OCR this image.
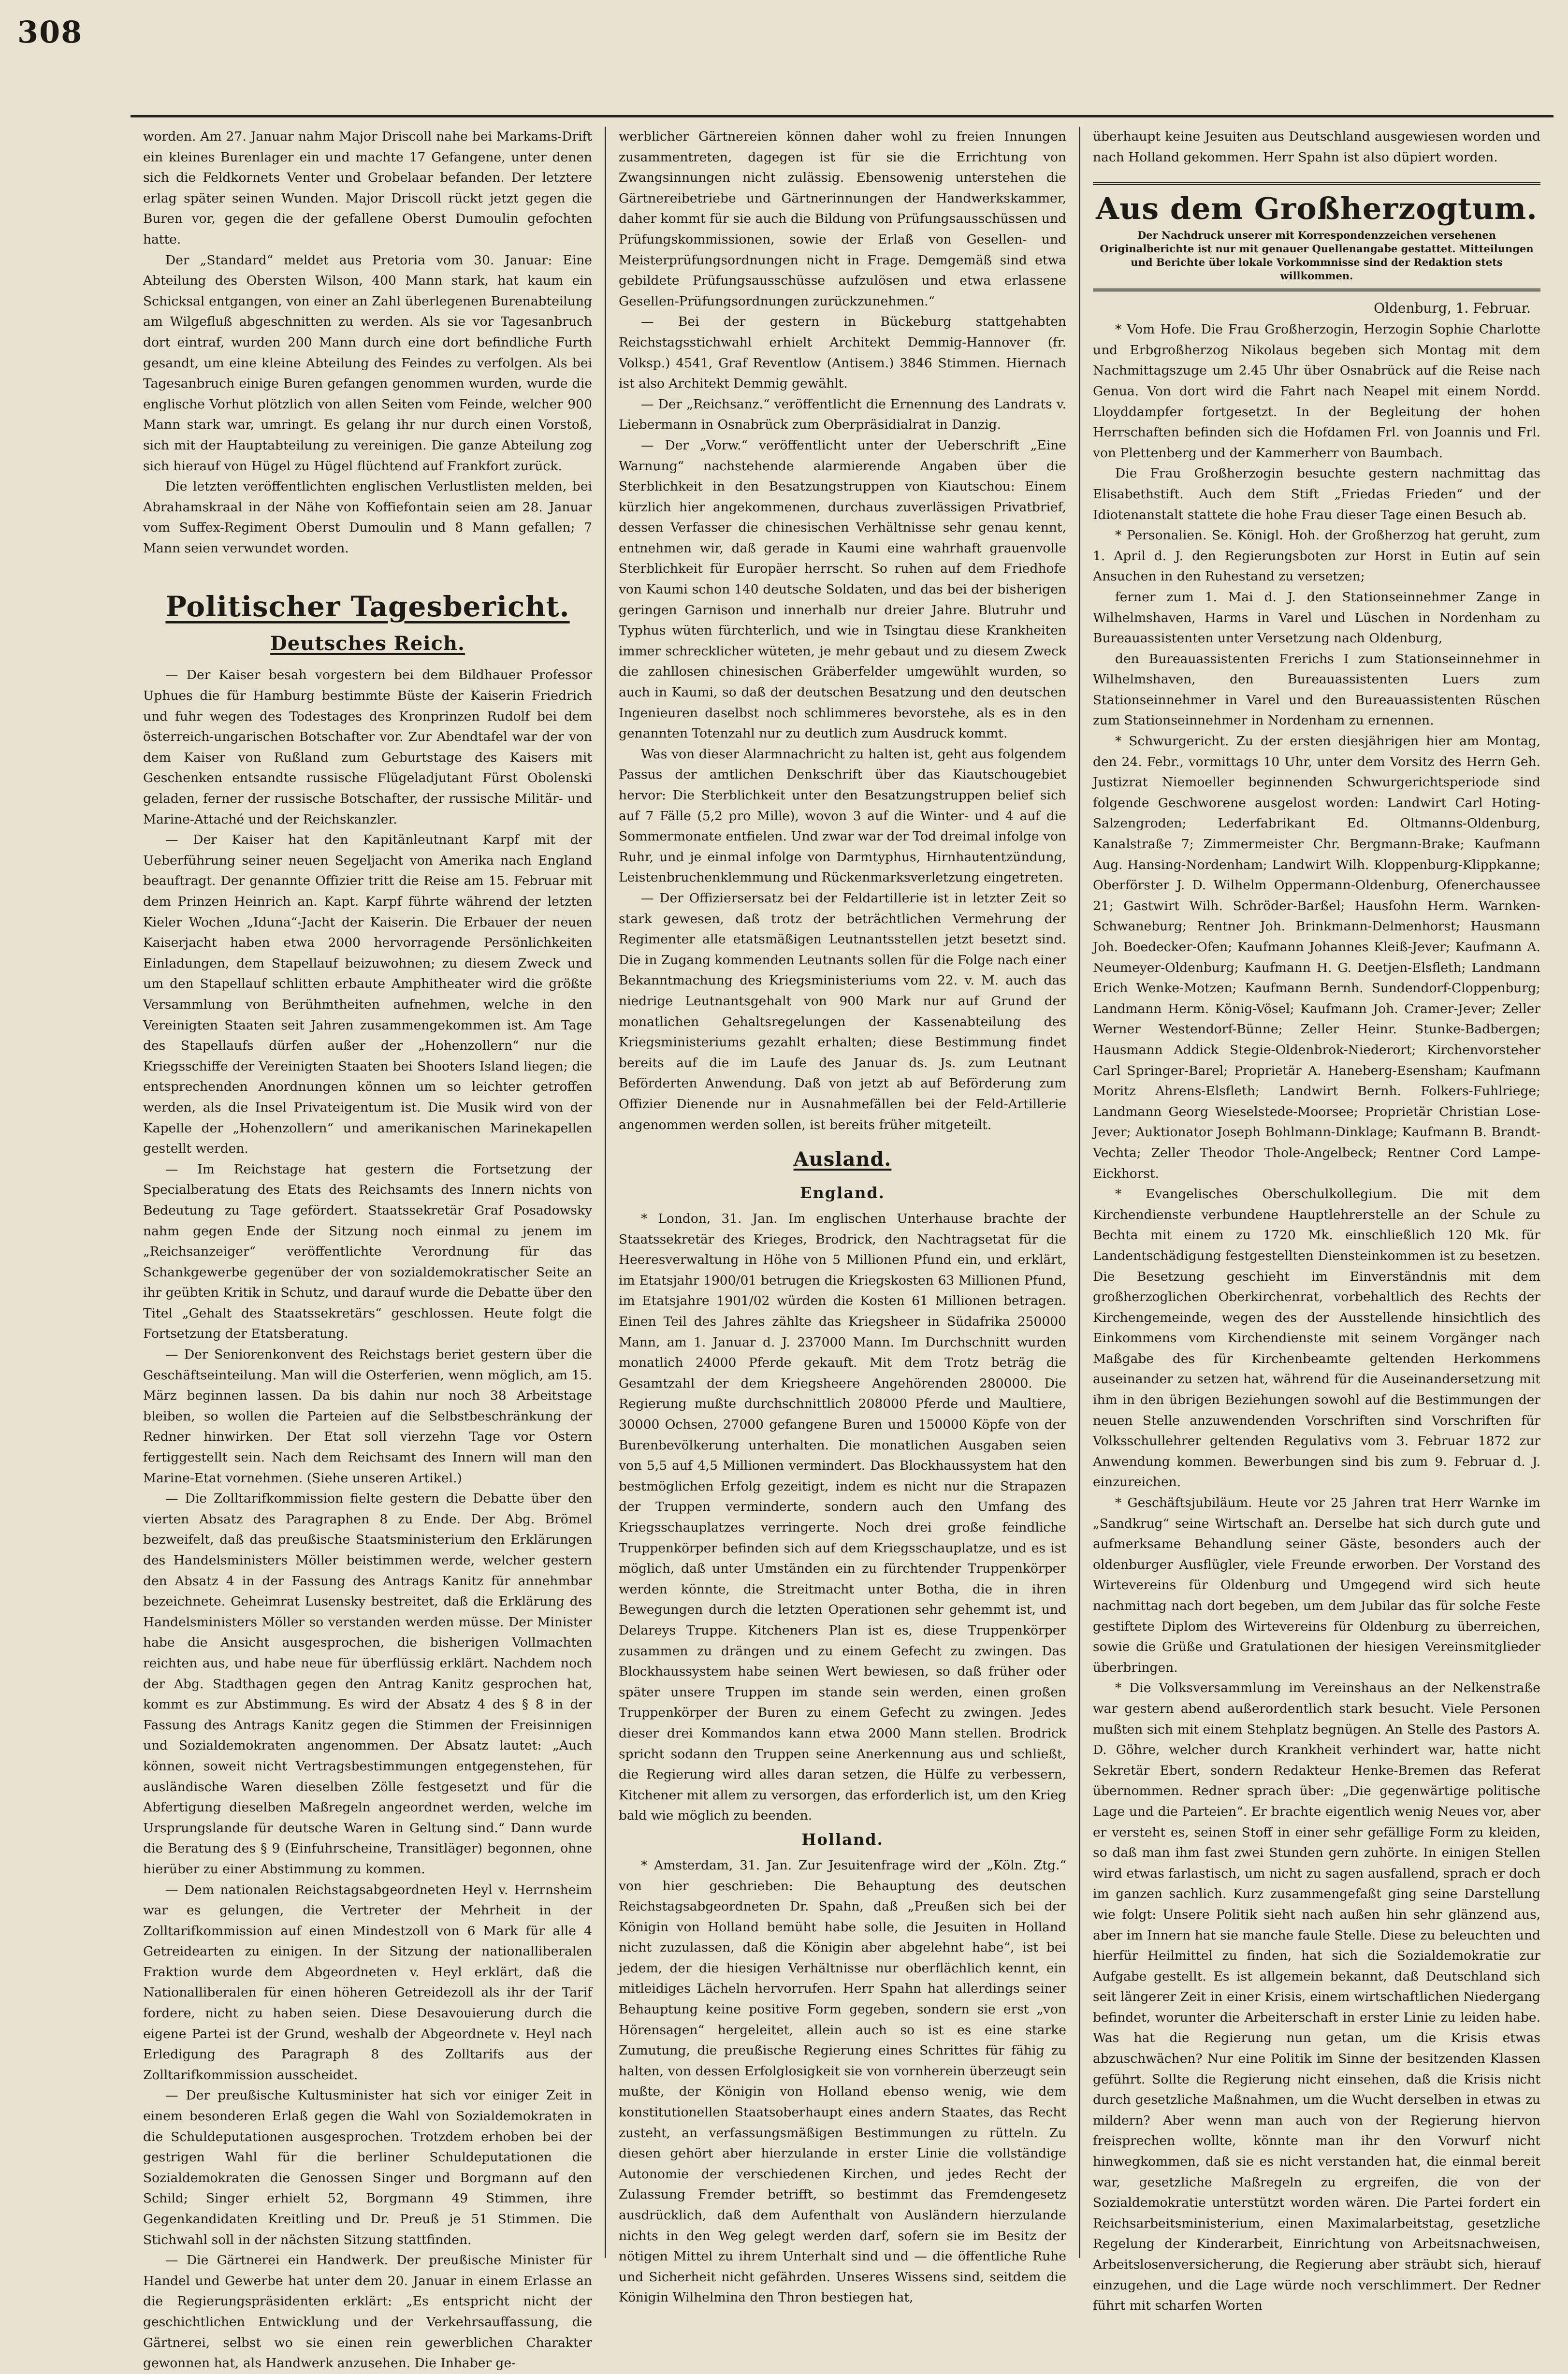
308

worden. Am 27. Januar nahm Major Driscoll nahe bei Markams-Drift ein kleines Burenlager ein und machte 17 Gefangene, unter denen sich die Feldkornets Venter und Grobelaar befanden. Der letztere erlag später seinen Wunden. Major Driscoll rückt jetzt gegen die Buren vor, gegen die der gefallene Oberst Dumoulin gefochten hatte.

Der „Standard“ meldet aus Pretoria vom 30. Januar: Eine Abteilung des Obersten Wilson, 400 Mann stark, hat kaum ein Schicksal entgangen, von einer an Zahl überlegenen Burenabteilung am Wilgefluß abgeschnitten zu werden. Als sie vor Tagesanbruch dort eintraf, wurden 200 Mann durch eine dort befindliche Furth gesandt, um eine kleine Abteilung des Feindes zu verfolgen. Als bei Tagesanbruch einige Buren gefangen genommen wurden, wurde die englische Vorhut plötzlich von allen Seiten vom Feinde, welcher 900 Mann stark war, umringt. Es gelang ihr nur durch einen Vorstoß, sich mit der Hauptabteilung zu vereinigen. Die ganze Abteilung zog sich hierauf von Hügel zu Hügel flüchtend auf Frankfort zurück.

Die letzten veröffentlichten englischen Verlustlisten melden, bei Abrahamskraal in der Nähe von Koffiefontain seien am 28. Januar vom Suffex-Regiment Oberst Dumoulin und 8 Mann gefallen; 7 Mann seien verwundet worden.

Politischer Tagesbericht.
Deutsches Reich.

— Der Kaiser besah vorgestern bei dem Bildhauer Professor Uphues die für Hamburg bestimmte Büste der Kaiserin Friedrich und fuhr wegen des Todestages des Kronprinzen Rudolf bei dem österreich-ungarischen Botschafter vor. Zur Abendtafel war der von dem Kaiser von Rußland zum Geburtstage des Kaisers mit Geschenken entsandte russische Flügeladjutant Fürst Obolenski geladen, ferner der russische Botschafter, der russische Militär- und Marine-Attaché und der Reichskanzler.

— Der Kaiser hat den Kapitänleutnant Karpf mit der Ueberführung seiner neuen Segeljacht von Amerika nach England beauftragt. Der genannte Offizier tritt die Reise am 15. Februar mit dem Prinzen Heinrich an. Kapt. Karpf führte während der letzten Kieler Wochen „Iduna“-Jacht der Kaiserin. Die Erbauer der neuen Kaiserjacht haben etwa 2000 hervorragende Persönlichkeiten Einladungen, dem Stapellauf beizuwohnen; zu diesem Zweck und um den Stapellauf schlitten erbaute Amphitheater wird die größte Versammlung von Berühmtheiten aufnehmen, welche in den Vereinigten Staaten seit Jahren zusammengekommen ist. Am Tage des Stapellaufs dürfen außer der „Hohenzollern“ nur die Kriegsschiffe der Vereinigten Staaten bei Shooters Island liegen; die entsprechenden Anordnungen können um so leichter getroffen werden, als die Insel Privateigentum ist. Die Musik wird von der Kapelle der „Hohenzollern“ und amerikanischen Marinekapellen gestellt werden.

— Im Reichstage hat gestern die Fortsetzung der Specialberatung des Etats des Reichsamts des Innern nichts von Bedeutung zu Tage gefördert. Staatssekretär Graf Posadowsky nahm gegen Ende der Sitzung noch einmal zu jenem im „Reichsanzeiger“ veröffentlichte Verordnung für das Schankgewerbe gegenüber der von sozialdemokratischer Seite an ihr geübten Kritik in Schutz, und darauf wurde die Debatte über den Titel „Gehalt des Staatssekretärs“ geschlossen. Heute folgt die Fortsetzung der Etatsberatung.

— Der Seniorenkonvent des Reichstags beriet gestern über die Geschäftseinteilung. Man will die Osterferien, wenn möglich, am 15. März beginnen lassen. Da bis dahin nur noch 38 Arbeitstage bleiben, so wollen die Parteien auf die Selbstbeschränkung der Redner hinwirken. Der Etat soll vierzehn Tage vor Ostern fertiggestellt sein. Nach dem Reichsamt des Innern will man den Marine-Etat vornehmen. (Siehe unseren Artikel.)

— Die Zolltarifkommission fielte gestern die Debatte über den vierten Absatz des Paragraphen 8 zu Ende. Der Abg. Brömel bezweifelt, daß das preußische Staatsministerium den Erklärungen des Handelsministers Möller beistimmen werde, welcher gestern den Absatz 4 in der Fassung des Antrags Kanitz für annehmbar bezeichnete. Geheimrat Lusensky bestreitet, daß die Erklärung des Handelsministers Möller so verstanden werden müsse. Der Minister habe die Ansicht ausgesprochen, die bisherigen Vollmachten reichten aus, und habe neue für überflüssig erklärt. Nachdem noch der Abg. Stadthagen gegen den Antrag Kanitz gesprochen hat, kommt es zur Abstimmung. Es wird der Absatz 4 des § 8 in der Fassung des Antrags Kanitz gegen die Stimmen der Freisinnigen und Sozialdemokraten angenommen. Der Absatz lautet: „Auch können, soweit nicht Vertragsbestimmungen entgegenstehen, für ausländische Waren dieselben Zölle festgesetzt und für die Abfertigung dieselben Maßregeln angeordnet werden, welche im Ursprungslande für deutsche Waren in Geltung sind.“ Dann wurde die Beratung des § 9 (Einfuhrscheine, Transitläger) begonnen, ohne hierüber zu einer Abstimmung zu kommen.

— Dem nationalen Reichstagsabgeordneten Heyl v. Herrnsheim war es gelungen, die Vertreter der Mehrheit in der Zolltarifkommission auf einen Mindestzoll von 6 Mark für alle 4 Getreidearten zu einigen. In der Sitzung der nationalliberalen Fraktion wurde dem Abgeordneten v. Heyl erklärt, daß die Nationalliberalen für einen höheren Getreidezoll als ihr der Tarif fordere, nicht zu haben seien. Diese Desavouierung durch die eigene Partei ist der Grund, weshalb der Abgeordnete v. Heyl nach Erledigung des Paragraph 8 des Zolltarifs aus der Zolltarifkommission ausscheidet.

— Der preußische Kultusminister hat sich vor einiger Zeit in einem besonderen Erlaß gegen die Wahl von Sozialdemokraten in die Schuldeputationen ausgesprochen. Trotzdem erhoben bei der gestrigen Wahl für die berliner Schuldeputationen die Sozialdemokraten die Genossen Singer und Borgmann auf den Schild; Singer erhielt 52, Borgmann 49 Stimmen, ihre Gegenkandidaten Kreitling und Dr. Preuß je 51 Stimmen. Die Stichwahl soll in der nächsten Sitzung stattfinden.

— Die Gärtnerei ein Handwerk. Der preußische Minister für Handel und Gewerbe hat unter dem 20. Januar in einem Erlasse an die Regierungspräsidenten erklärt: „Es entspricht nicht der geschichtlichen Entwicklung und der Verkehrsauffassung, die Gärtnerei, selbst wo sie einen rein gewerblichen Charakter gewonnen hat, als Handwerk anzusehen. Die Inhaber ge-

werblicher Gärtnereien können daher wohl zu freien Innungen zusammentreten, dagegen ist für sie die Errichtung von Zwangsinnungen nicht zulässig. Ebensowenig unterstehen die Gärtnereibetriebe und Gärtnerinnungen der Handwerkskammer, daher kommt für sie auch die Bildung von Prüfungsausschüssen und Prüfungskommissionen, sowie der Erlaß von Gesellen- und Meisterprüfungsordnungen nicht in Frage. Demgemäß sind etwa gebildete Prüfungsausschüsse aufzulösen und etwa erlassene Gesellen-Prüfungsordnungen zurückzunehmen.“

— Bei der gestern in Bückeburg stattgehabten Reichstagsstichwahl erhielt Architekt Demmig-Hannover (fr. Volksp.) 4541, Graf Reventlow (Antisem.) 3846 Stimmen. Hiernach ist also Architekt Demmig gewählt.

— Der „Reichsanz.“ veröffentlicht die Ernennung des Landrats v. Liebermann in Osnabrück zum Oberpräsidialrat in Danzig.

— Der „Vorw.“ veröffentlicht unter der Ueberschrift „Eine Warnung“ nachstehende alarmierende Angaben über die Sterblichkeit in den Besatzungstruppen von Kiautschou: Einem kürzlich hier angekommenen, durchaus zuverlässigen Privatbrief, dessen Verfasser die chinesischen Verhältnisse sehr genau kennt, entnehmen wir, daß gerade in Kaumi eine wahrhaft grauenvolle Sterblichkeit für Europäer herrscht. So ruhen auf dem Friedhofe von Kaumi schon 140 deutsche Soldaten, und das bei der bisherigen geringen Garnison und innerhalb nur dreier Jahre. Blutruhr und Typhus wüten fürchterlich, und wie in Tsingtau diese Krankheiten immer schrecklicher wüteten, je mehr gebaut und zu diesem Zweck die zahllosen chinesischen Gräberfelder umgewühlt wurden, so auch in Kaumi, so daß der deutschen Besatzung und den deutschen Ingenieuren daselbst noch schlimmeres bevorstehe, als es in den genannten Totenzahl nur zu deutlich zum Ausdruck kommt.

Was von dieser Alarmnachricht zu halten ist, geht aus folgendem Passus der amtlichen Denkschrift über das Kiautschougebiet hervor: Die Sterblichkeit unter den Besatzungstruppen belief sich auf 7 Fälle (5,2 pro Mille), wovon 3 auf die Winter- und 4 auf die Sommermonate entfielen. Und zwar war der Tod dreimal infolge von Ruhr, und je einmal infolge von Darmtyphus, Hirnhautentzündung, Leistenbruchenklemmung und Rückenmarksverletzung eingetreten.

— Der Offiziersersatz bei der Feldartillerie ist in letzter Zeit so stark gewesen, daß trotz der beträchtlichen Vermehrung der Regimenter alle etatsmäßigen Leutnantsstellen jetzt besetzt sind. Die in Zugang kommenden Leutnants sollen für die Folge nach einer Bekanntmachung des Kriegsministeriums vom 22. v. M. auch das niedrige Leutnantsgehalt von 900 Mark nur auf Grund der monatlichen Gehaltsregelungen der Kassenabteilung des Kriegsministeriums gezahlt erhalten; diese Bestimmung findet bereits auf die im Laufe des Januar ds. Js. zum Leutnant Beförderten Anwendung. Daß von jetzt ab auf Beförderung zum Offizier Dienende nur in Ausnahmefällen bei der Feld-Artillerie angenommen werden sollen, ist bereits früher mitgeteilt.

Ausland.
England.

* London, 31. Jan. Im englischen Unterhause brachte der Staatssekretär des Krieges, Brodrick, den Nachtragsetat für die Heeresverwaltung in Höhe von 5 Millionen Pfund ein, und erklärt, im Etatsjahr 1900/01 betrugen die Kriegskosten 63 Millionen Pfund, im Etatsjahre 1901/02 würden die Kosten 61 Millionen betragen. Einen Teil des Jahres zählte das Kriegsheer in Südafrika 250000 Mann, am 1. Januar d. J. 237000 Mann. Im Durchschnitt wurden monatlich 24000 Pferde gekauft. Mit dem Trotz beträg die Gesamtzahl der dem Kriegsheere Angehörenden 280000. Die Regierung mußte durchschnittlich 208000 Pferde und Maultiere, 30000 Ochsen, 27000 gefangene Buren und 150000 Köpfe von der Burenbevölkerung unterhalten. Die monatlichen Ausgaben seien von 5,5 auf 4,5 Millionen vermindert. Das Blockhaussystem hat den bestmöglichen Erfolg gezeitigt, indem es nicht nur die Strapazen der Truppen verminderte, sondern auch den Umfang des Kriegsschauplatzes verringerte. Noch drei große feindliche Truppenkörper befinden sich auf dem Kriegsschauplatze, und es ist möglich, daß unter Umständen ein zu fürchtender Truppenkörper werden könnte, die Streitmacht unter Botha, die in ihren Bewegungen durch die letzten Operationen sehr gehemmt ist, und Delareys Truppe. Kitcheners Plan ist es, diese Truppenkörper zusammen zu drängen und zu einem Gefecht zu zwingen. Das Blockhaussystem habe seinen Wert bewiesen, so daß früher oder später unsere Truppen im stande sein werden, einen großen Truppenkörper der Buren zu einem Gefecht zu zwingen. Jedes dieser drei Kommandos kann etwa 2000 Mann stellen. Brodrick spricht sodann den Truppen seine Anerkennung aus und schließt, die Regierung wird alles daran setzen, die Hülfe zu verbessern, Kitchener mit allem zu versorgen, das erforderlich ist, um den Krieg bald wie möglich zu beenden.

Holland.

* Amsterdam, 31. Jan. Zur Jesuitenfrage wird der „Köln. Ztg.“ von hier geschrieben: Die Behauptung des deutschen Reichstagsabgeordneten Dr. Spahn, daß „Preußen sich bei der Königin von Holland bemüht habe solle, die Jesuiten in Holland nicht zuzulassen, daß die Königin aber abgelehnt habe“, ist bei jedem, der die hiesigen Verhältnisse nur oberflächlich kennt, ein mitleidiges Lächeln hervorrufen. Herr Spahn hat allerdings seiner Behauptung keine positive Form gegeben, sondern sie erst „von Hörensagen“ hergeleitet, allein auch so ist es eine starke Zumutung, die preußische Regierung eines Schrittes für fähig zu halten, von dessen Erfolglosigkeit sie von vornherein überzeugt sein mußte, der Königin von Holland ebenso wenig, wie dem konstitutionellen Staatsoberhaupt eines andern Staates, das Recht zusteht, an verfassungsmäßigen Bestimmungen zu rütteln. Zu diesen gehört aber hierzulande in erster Linie die vollständige Autonomie der verschiedenen Kirchen, und jedes Recht der Zulassung Fremder betrifft, so bestimmt das Fremdengesetz ausdrücklich, daß dem Aufenthalt von Ausländern hierzulande nichts in den Weg gelegt werden darf, sofern sie im Besitz der nötigen Mittel zu ihrem Unterhalt sind und — die öffentliche Ruhe und Sicherheit nicht gefährden. Unseres Wissens sind, seitdem die Königin Wilhelmina den Thron bestiegen hat,

überhaupt keine Jesuiten aus Deutschland ausgewiesen worden und nach Holland gekommen. Herr Spahn ist also düpiert worden.

Aus dem Großherzogtum.
Der Nachdruck unserer mit Korrespondenzzeichen versehenen Originalberichte ist nur mit genauer Quellenangabe gestattet. Mitteilungen und Berichte über lokale Vorkommnisse sind der Redaktion stets willkommen.
Oldenburg, 1. Februar.

* Vom Hofe. Die Frau Großherzogin, Herzogin Sophie Charlotte und Erbgroßherzog Nikolaus begeben sich Montag mit dem Nachmittagszuge um 2.45 Uhr über Osnabrück auf die Reise nach Genua. Von dort wird die Fahrt nach Neapel mit einem Nordd. Lloyddampfer fortgesetzt. In der Begleitung der hohen Herrschaften befinden sich die Hofdamen Frl. von Joannis und Frl. von Plettenberg und der Kammerherr von Baumbach.

Die Frau Großherzogin besuchte gestern nachmittag das Elisabethstift. Auch dem Stift „Friedas Frieden“ und der Idiotenanstalt stattete die hohe Frau dieser Tage einen Besuch ab.

* Personalien. Se. Königl. Hoh. der Großherzog hat geruht, zum 1. April d. J. den Regierungsboten zur Horst in Eutin auf sein Ansuchen in den Ruhestand zu versetzen;

ferner zum 1. Mai d. J. den Stationseinnehmer Zange in Wilhelmshaven, Harms in Varel und Lüschen in Nordenham zu Bureauassistenten unter Versetzung nach Oldenburg,

den Bureauassistenten Frerichs I zum Stationseinnehmer in Wilhelmshaven, den Bureauassistenten Luers zum Stationseinnehmer in Varel und den Bureauassistenten Rüschen zum Stationseinnehmer in Nordenham zu ernennen.

* Schwurgericht. Zu der ersten diesjährigen hier am Montag, den 24. Febr., vormittags 10 Uhr, unter dem Vorsitz des Herrn Geh. Justizrat Niemoeller beginnenden Schwurgerichtsperiode sind folgende Geschworene ausgelost worden: Landwirt Carl Hoting-Salzengroden; Lederfabrikant Ed. Oltmanns-Oldenburg, Kanalstraße 7; Zimmermeister Chr. Bergmann-Brake; Kaufmann Aug. Hansing-Nordenham; Landwirt Wilh. Kloppenburg-Klippkanne; Oberförster J. D. Wilhelm Oppermann-Oldenburg, Ofenerchaussee 21; Gastwirt Wilh. Schröder-Barßel; Hausfohn Herm. Warnken-Schwaneburg; Rentner Joh. Brinkmann-Delmenhorst; Hausmann Joh. Boedecker-Ofen; Kaufmann Johannes Kleiß-Jever; Kaufmann A. Neumeyer-Oldenburg; Kaufmann H. G. Deetjen-Elsfleth; Landmann Erich Wenke-Motzen; Kaufmann Bernh. Sundendorf-Cloppenburg; Landmann Herm. König-Vösel; Kaufmann Joh. Cramer-Jever; Zeller Werner Westendorf-Bünne; Zeller Heinr. Stunke-Badbergen; Hausmann Addick Stegie-Oldenbrok-Niederort; Kirchenvorsteher Carl Springer-Barel; Proprietär A. Haneberg-Esensham; Kaufmann Moritz Ahrens-Elsfleth; Landwirt Bernh. Folkers-Fuhlriege; Landmann Georg Wieselstede-Moorsee; Proprietär Christian Lose-Jever; Auktionator Joseph Bohlmann-Dinklage; Kaufmann B. Brandt-Vechta; Zeller Theodor Thole-Angelbeck; Rentner Cord Lampe-Eickhorst.

* Evangelisches Oberschulkollegium. Die mit dem Kirchendienste verbundene Hauptlehrerstelle an der Schule zu Bechta mit einem zu 1720 Mk. einschließlich 120 Mk. für Landentschädigung festgestellten Diensteinkommen ist zu besetzen. Die Besetzung geschieht im Einverständnis mit dem großherzoglichen Oberkirchenrat, vorbehaltlich des Rechts der Kirchengemeinde, wegen des der Ausstellende hinsichtlich des Einkommens vom Kirchendienste mit seinem Vorgänger nach Maßgabe des für Kirchenbeamte geltenden Herkommens auseinander zu setzen hat, während für die Auseinandersetzung mit ihm in den übrigen Beziehungen sowohl auf die Bestimmungen der neuen Stelle anzuwendenden Vorschriften sind Vorschriften für Volksschullehrer geltenden Regulativs vom 3. Februar 1872 zur Anwendung kommen. Bewerbungen sind bis zum 9. Februar d. J. einzureichen.

* Geschäftsjubiläum. Heute vor 25 Jahren trat Herr Warnke im „Sandkrug“ seine Wirtschaft an. Derselbe hat sich durch gute und aufmerksame Behandlung seiner Gäste, besonders auch der oldenburger Ausflügler, viele Freunde erworben. Der Vorstand des Wirtevereins für Oldenburg und Umgegend wird sich heute nachmittag nach dort begeben, um dem Jubilar das für solche Feste gestiftete Diplom des Wirtevereins für Oldenburg zu überreichen, sowie die Grüße und Gratulationen der hiesigen Vereinsmitglieder überbringen.

* Die Volksversammlung im Vereinshaus an der Nelkenstraße war gestern abend außerordentlich stark besucht. Viele Personen mußten sich mit einem Stehplatz begnügen. An Stelle des Pastors A. D. Göhre, welcher durch Krankheit verhindert war, hatte nicht Sekretär Ebert, sondern Redakteur Henke-Bremen das Referat übernommen. Redner sprach über: „Die gegenwärtige politische Lage und die Parteien“. Er brachte eigentlich wenig Neues vor, aber er versteht es, seinen Stoff in einer sehr gefällige Form zu kleiden, so daß man ihm fast zwei Stunden gern zuhörte. In einigen Stellen wird etwas farlastisch, um nicht zu sagen ausfallend, sprach er doch im ganzen sachlich. Kurz zusammengefaßt ging seine Darstellung wie folgt: Unsere Politik sieht nach außen hin sehr glänzend aus, aber im Innern hat sie manche faule Stelle. Diese zu beleuchten und hierfür Heilmittel zu finden, hat sich die Sozialdemokratie zur Aufgabe gestellt. Es ist allgemein bekannt, daß Deutschland sich seit längerer Zeit in einer Krisis, einem wirtschaftlichen Niedergang befindet, worunter die Arbeiterschaft in erster Linie zu leiden habe. Was hat die Regierung nun getan, um die Krisis etwas abzuschwächen? Nur eine Politik im Sinne der besitzenden Klassen geführt. Sollte die Regierung nicht einsehen, daß die Krisis nicht durch gesetzliche Maßnahmen, um die Wucht derselben in etwas zu mildern? Aber wenn man auch von der Regierung hiervon freisprechen wollte, könnte man ihr den Vorwurf nicht hinwegkommen, daß sie es nicht verstanden hat, die einmal bereit war, gesetzliche Maßregeln zu ergreifen, die von der Sozialdemokratie unterstützt worden wären. Die Partei fordert ein Reichsarbeitsministerium, einen Maximalarbeitstag, gesetzliche Regelung der Kinderarbeit, Einrichtung von Arbeitsnachweisen, Arbeitslosenversicherung, die Regierung aber sträubt sich, hierauf einzugehen, und die Lage würde noch verschlimmert. Der Redner führt mit scharfen Worten
